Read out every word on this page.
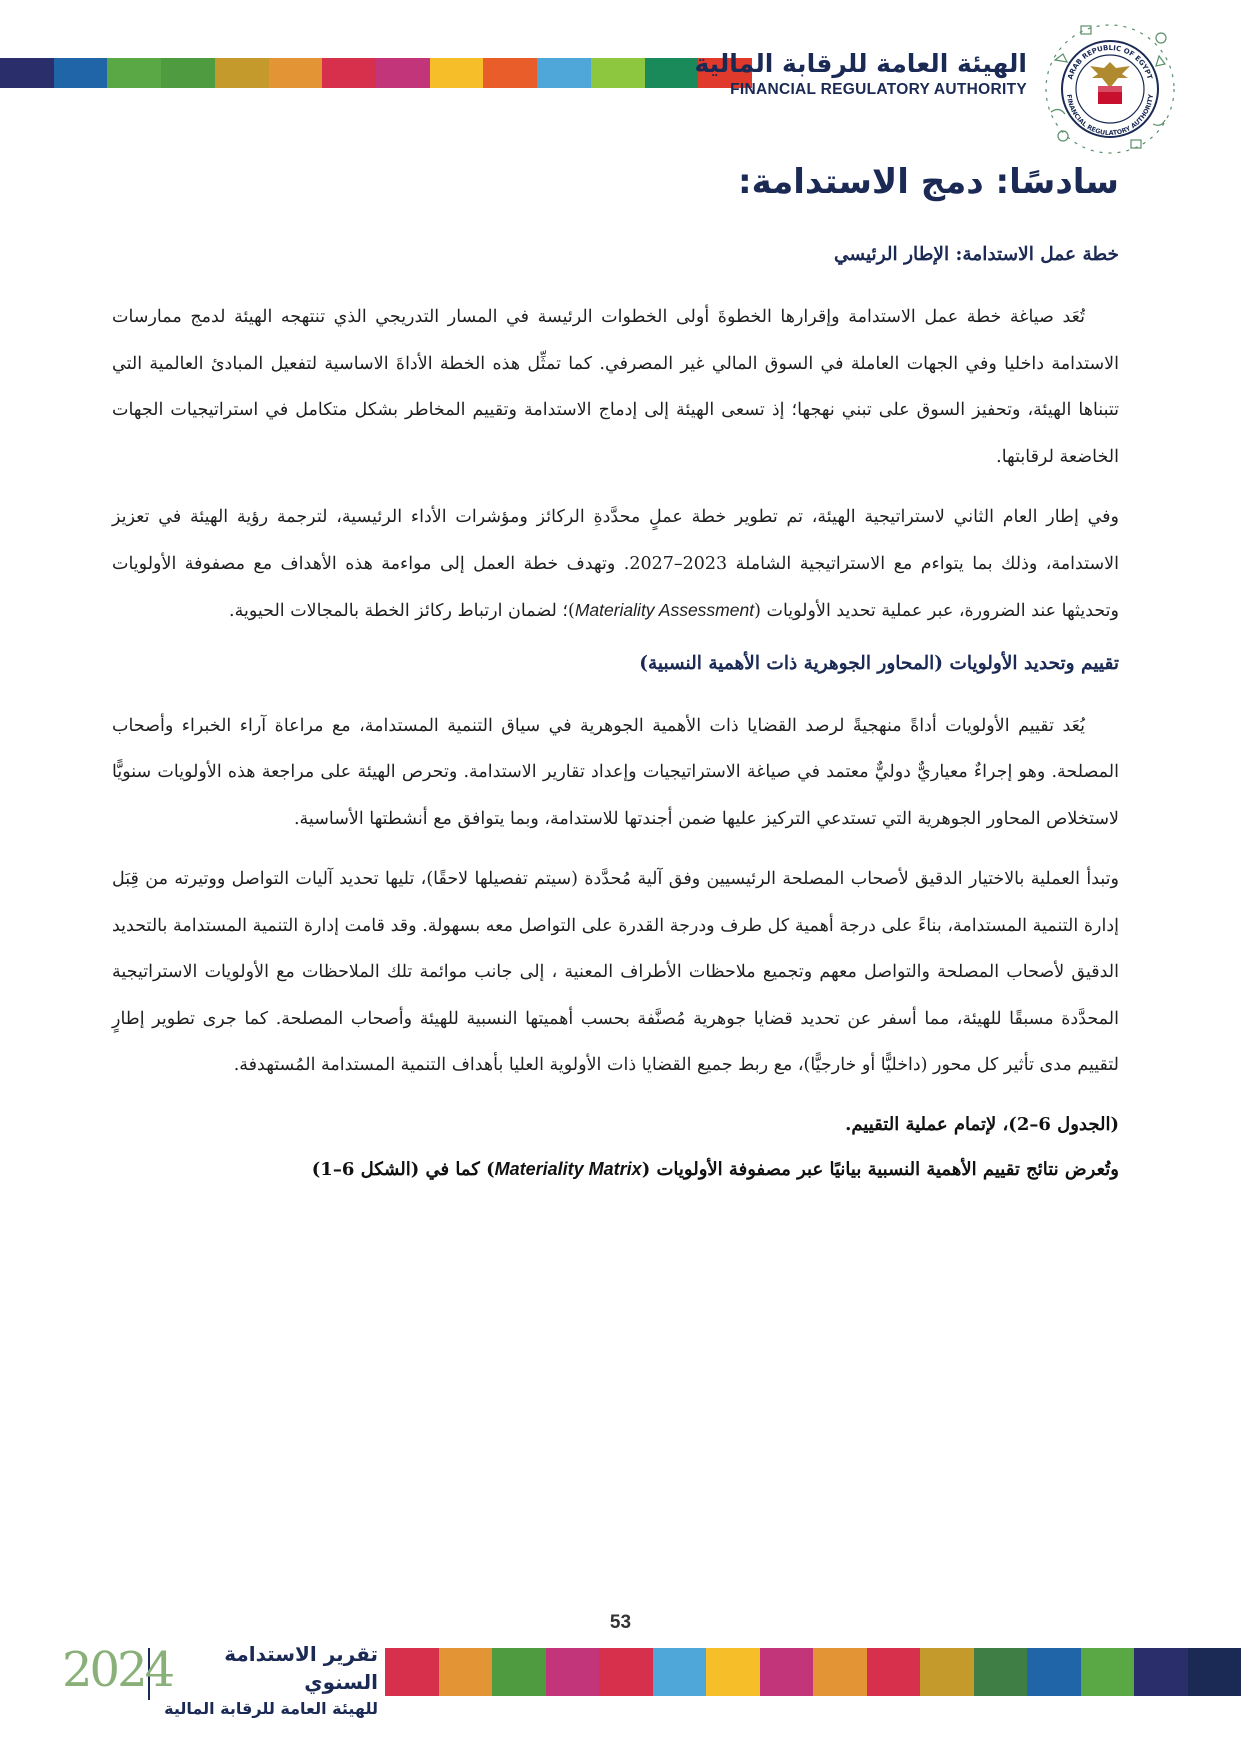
الهيئة العامة للرقابة المالية
FINANCIAL REGULATORY AUTHORITY
ARAB REPUBLIC OF EGYPT
FINANCIAL REGULATORY AUTHORITY
سادسًا: دمج الاستدامة:
خطة عمل الاستدامة: الإطار الرئيسي

تُعَد صياغة خطة عمل الاستدامة وإقرارها الخطوةَ أولى الخطوات الرئيسة في المسار التدريجي الذي تنتهجه الهيئة لدمج ممارسات الاستدامة داخليا وفي الجهات العاملة في السوق المالي غير المصرفي. كما تمثِّل هذه الخطة الأداةَ الاساسية لتفعيل المبادئ العالمية التي تتبناها الهيئة، وتحفيز السوق على تبني نهجها؛ إذ تسعى الهيئة إلى إدماج الاستدامة وتقييم المخاطر بشكل متكامل في استراتيجيات الجهات الخاضعة لرقابتها.

وفي إطار العام الثاني لاستراتيجية الهيئة، تم تطوير خطة عملٍ محدَّدةِ الركائز ومؤشرات الأداء الرئيسية، لترجمة رؤية الهيئة في تعزيز الاستدامة، وذلك بما يتواءم مع الاستراتيجية الشاملة 2023–2027. وتهدف خطة العمل إلى مواءمة هذه الأهداف مع مصفوفة الأولويات وتحديثها عند الضرورة، عبر عملية تحديد الأولويات (Materiality Assessment)؛ لضمان ارتباط ركائز الخطة بالمجالات الحيوية.

تقييم وتحديد الأولويات (المحاور الجوهرية ذات الأهمية النسبية)

يُعَد تقييم الأولويات أداةً منهجيةً لرصد القضايا ذات الأهمية الجوهرية في سياق التنمية المستدامة، مع مراعاة آراء الخبراء وأصحاب المصلحة. وهو إجراءٌ معياريٌّ دوليٌّ معتمد في صياغة الاستراتيجيات وإعداد تقارير الاستدامة. وتحرص الهيئة على مراجعة هذه الأولويات سنويًّا لاستخلاص المحاور الجوهرية التي تستدعي التركيز عليها ضمن أجندتها للاستدامة، وبما يتوافق مع أنشطتها الأساسية.

وتبدأ العملية بالاختيار الدقيق لأصحاب المصلحة الرئيسيين وفق آلية مُحدَّدة (سيتم تفصيلها لاحقًا)، تليها تحديد آليات التواصل ووتيرته من قِبَل إدارة التنمية المستدامة، بناءً على درجة أهمية كل طرف ودرجة القدرة على التواصل معه بسهولة. وقد قامت إدارة التنمية المستدامة بالتحديد الدقيق لأصحاب المصلحة والتواصل معهم وتجميع ملاحظات الأطراف المعنية ، إلى جانب موائمة تلك الملاحظات مع الأولويات الاستراتيجية المحدَّدة مسبقًا للهيئة، مما أسفر عن تحديد قضايا جوهرية مُصنَّفة بحسب أهميتها النسبية للهيئة وأصحاب المصلحة. كما جرى تطوير إطارٍ لتقييم مدى تأثير كل محور (داخليًّا أو خارجيًّا)، مع ربط جميع القضايا ذات الأولوية العليا بأهداف التنمية المستدامة المُستهدفة.

(الجدول 6–2)، لإتمام عملية التقييم.

وتُعرض نتائج تقييم الأهمية النسبية بيانيًا عبر مصفوفة الأولويات (Materiality Matrix) كما في (الشكل 6–1)

53
تقرير الاستدامة السنوي
للهيئة العامة للرقابة المالية
2024
